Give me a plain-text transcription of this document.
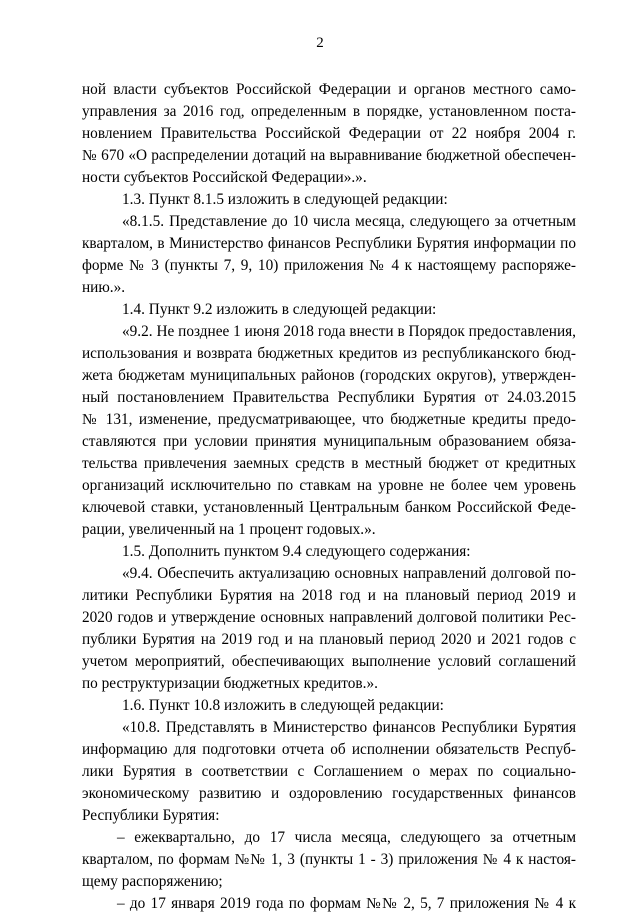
2
ной власти субъектов Российской Федерации и органов местного само-
управления за 2016 год, определенным в порядке, установленном поста-
новлением Правительства Российской Федерации от 22 ноября 2004 г.
№ 670 «О распределении дотаций на выравнивание бюджетной обеспечен-
ности субъектов Российской Федерации».».
1.3. Пункт 8.1.5 изложить в следующей редакции:
«8.1.5. Представление до 10 числа месяца, следующего за отчетным
кварталом, в Министерство финансов Республики Бурятия информации по
форме № 3 (пункты 7, 9, 10) приложения № 4 к настоящему распоряже-
нию.».
1.4. Пункт 9.2 изложить в следующей редакции:
«9.2. Не позднее 1 июня 2018 года внести в Порядок предоставления,
использования и возврата бюджетных кредитов из республиканского бюд-
жета бюджетам муниципальных районов (городских округов), утвержден-
ный постановлением Правительства Республики Бурятия от 24.03.2015
№ 131, изменение, предусматривающее, что бюджетные кредиты предо-
ставляются при условии принятия муниципальным образованием обяза-
тельства привлечения заемных средств в местный бюджет от кредитных
организаций исключительно по ставкам на уровне не более чем уровень
ключевой ставки, установленный Центральным банком Российской Феде-
рации, увеличенный на 1 процент годовых.».
1.5. Дополнить пунктом 9.4 следующего содержания:
«9.4. Обеспечить актуализацию основных направлений долговой по-
литики Республики Бурятия на 2018 год и на плановый период 2019 и
2020 годов и утверждение основных направлений долговой политики Рес-
публики Бурятия на 2019 год и на плановый период 2020 и 2021 годов с
учетом мероприятий, обеспечивающих выполнение условий соглашений
по реструктуризации бюджетных кредитов.».
1.6. Пункт 10.8 изложить в следующей редакции:
«10.8. Представлять в Министерство финансов Республики Бурятия
информацию для подготовки отчета об исполнении обязательств Респуб-
лики Бурятия в соответствии с Соглашением о мерах по социально-
экономическому развитию и оздоровлению государственных финансов
Республики Бурятия:
– ежеквартально, до 17 числа месяца, следующего за отчетным
кварталом, по формам №№ 1, 3 (пункты 1 - 3) приложения № 4 к настоя-
щему распоряжению;
– до 17 января 2019 года по формам №№ 2, 5, 7 приложения № 4 к
